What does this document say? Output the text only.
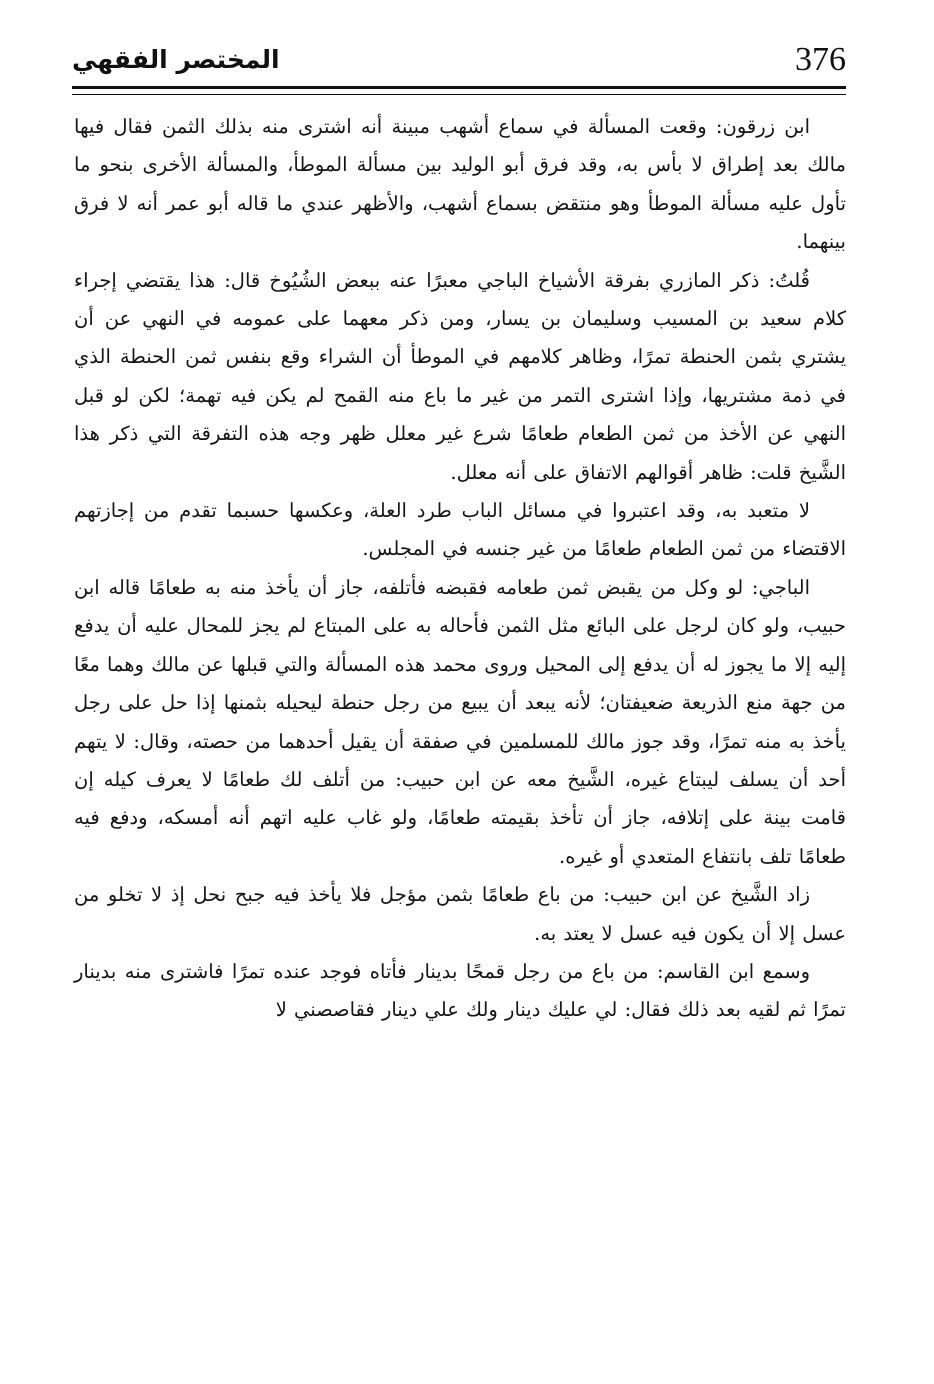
376
المختصر الفقهي

ابن زرقون: وقعت المسألة في سماع أشهب مبينة أنه اشترى منه بذلك الثمن فقال فيها مالك بعد إطراق لا بأس به، وقد فرق أبو الوليد بين مسألة الموطأ، والمسألة الأخرى بنحو ما تأول عليه مسألة الموطأ وهو منتقض بسماع أشهب، والأظهر عندي ما قاله أبو عمر أنه لا فرق بينهما.

قُلتُ: ذكر المازري بفرقة الأشياخ الباجي معبرًا عنه ببعض الشُيُوخ قال: هذا يقتضي إجراء كلام سعيد بن المسيب وسليمان بن يسار، ومن ذكر معهما على عمومه في النهي عن أن يشتري بثمن الحنطة تمرًا، وظاهر كلامهم في الموطأ أن الشراء وقع بنفس ثمن الحنطة الذي في ذمة مشتريها، وإذا اشترى التمر من غير ما باع منه القمح لم يكن فيه تهمة؛ لكن لو قبل النهي عن الأخذ من ثمن الطعام طعامًا شرع غير معلل ظهر وجه هذه التفرقة التي ذكر هذا الشَّيخ قلت: ظاهر أقوالهم الاتفاق على أنه معلل.

لا متعبد به، وقد اعتبروا في مسائل الباب طرد العلة، وعكسها حسبما تقدم من إجازتهم الاقتضاء من ثمن الطعام طعامًا من غير جنسه في المجلس.

الباجي: لو وكل من يقبض ثمن طعامه فقبضه فأتلفه، جاز أن يأخذ منه به طعامًا قاله ابن حبيب، ولو كان لرجل على البائع مثل الثمن فأحاله به على المبتاع لم يجز للمحال عليه أن يدفع إليه إلا ما يجوز له أن يدفع إلى المحيل وروى محمد هذه المسألة والتي قبلها عن مالك وهما معًا من جهة منع الذريعة ضعيفتان؛ لأنه يبعد أن يبيع من رجل حنطة ليحيله بثمنها إذا حل على رجل يأخذ به منه تمرًا، وقد جوز مالك للمسلمين في صفقة أن يقيل أحدهما من حصته، وقال: لا يتهم أحد أن يسلف ليبتاع غيره، الشَّيخ معه عن ابن حبيب: من أتلف لك طعامًا لا يعرف كيله إن قامت بينة على إتلافه، جاز أن تأخذ بقيمته طعامًا، ولو غاب عليه اتهم أنه أمسكه، ودفع فيه طعامًا تلف بانتفاع المتعدي أو غيره.

زاد الشَّيخ عن ابن حبيب: من باع طعامًا بثمن مؤجل فلا يأخذ فيه جبح نحل إذ لا تخلو من عسل إلا أن يكون فيه عسل لا يعتد به.

وسمع ابن القاسم: من باع من رجل قمحًا بدينار فأتاه فوجد عنده تمرًا فاشترى منه بدينار تمرًا ثم لقيه بعد ذلك فقال: لي عليك دينار ولك علي دينار فقاصصني لا
